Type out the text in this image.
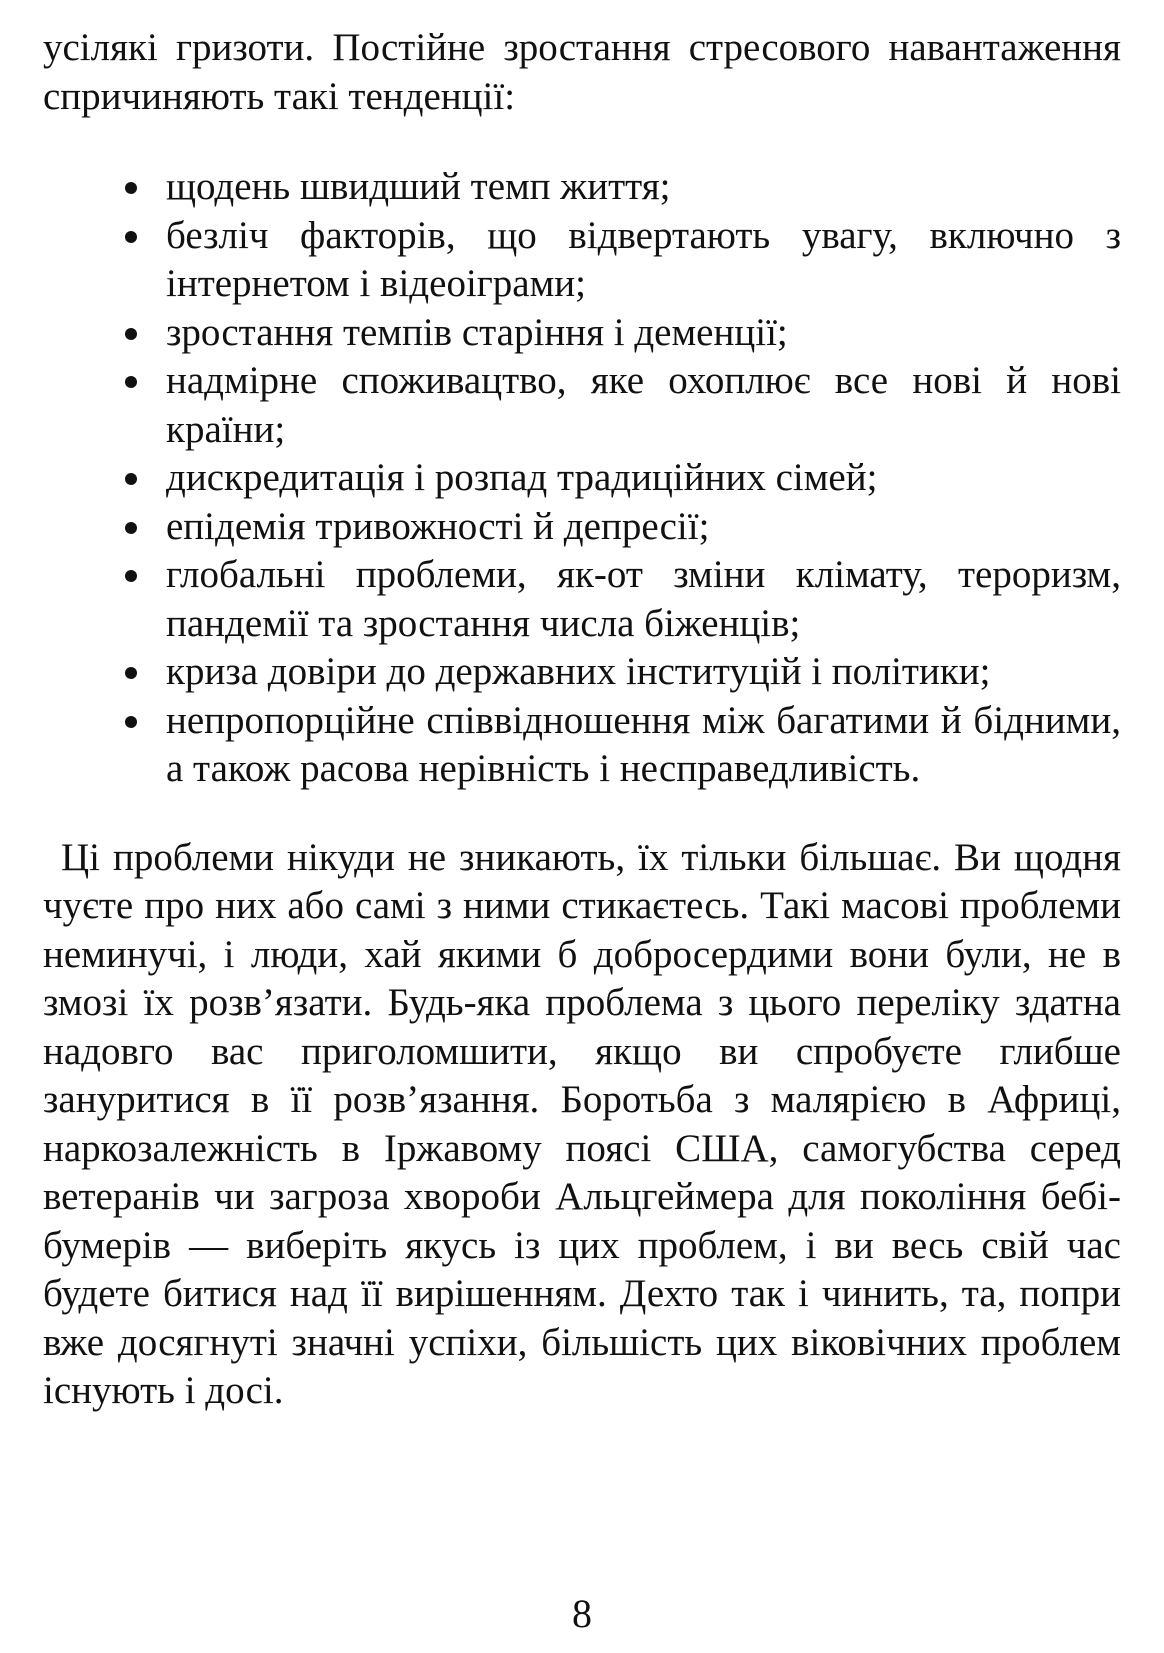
усілякі гризоти. Постійне зростання стресового навантаження спричиняють такі тенденції:

щодень швидший темп життя;
безліч факторів, що відвертають увагу, включно з інтернетом і відеоіграми;
зростання темпів старіння і деменції;
надмірне споживацтво, яке охоплює все нові й нові країни;
дискредитація і розпад традиційних сімей;
епідемія тривожності й депресії;
глобальні проблеми, як-от зміни клімату, тероризм, пандемії та зростання числа біженців;
криза довіри до державних інституцій і політики;
непропорційне співвідношення між багатими й бідними, а також расова нерівність і несправедливість.

Ці проблеми нікуди не зникають, їх тільки більшає. Ви щодня чуєте про них або самі з ними стикаєтесь. Такі масові проблеми неминучі, і люди, хай якими б добросердими вони були, не в змозі їх розв’язати. Будь-яка проблема з цього переліку здатна надовго вас приголомшити, якщо ви спробуєте глибше зануритися в її розв’язання. Боротьба з малярією в Африці, наркозалежність в Іржавому поясі США, самогубства серед ветеранів чи загроза хвороби Альцгеймера для покоління бебі-бумерів — виберіть якусь із цих проблем, і ви весь свій час будете битися над її вирішенням. Дехто так і чинить, та, попри вже досягнуті значні успіхи, більшість цих віковічних проблем існують і досі.

8
